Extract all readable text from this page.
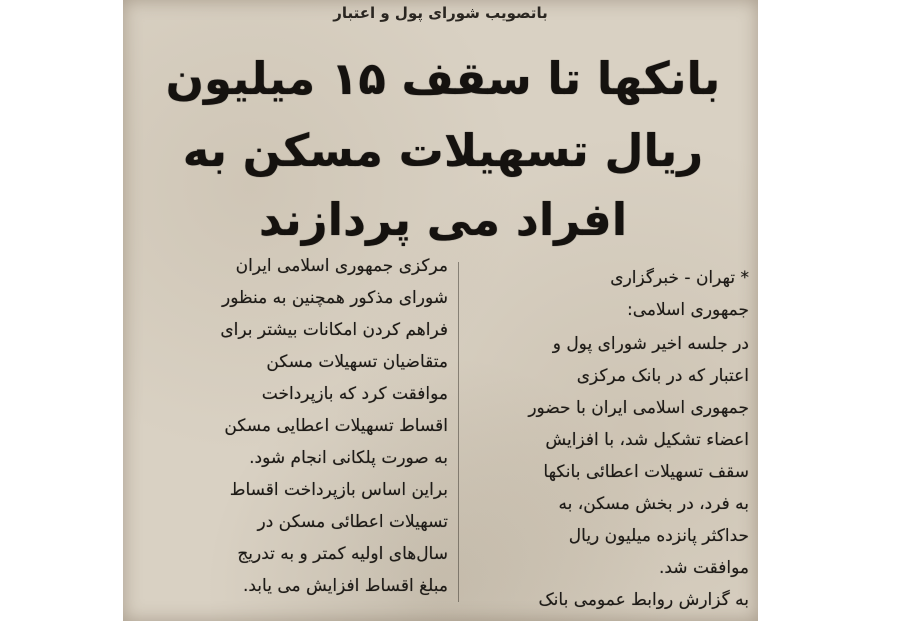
باتصویب شورای پول و اعتبار
بانکها تا سقف ۱۵ میلیون
ریال تسهیلات مسکن به
افراد می پردازند

* تهران - خبرگزاری

جمهوری اسلامی:

در جلسه اخیر شورای پول و

اعتبار که در بانک مرکزی

جمهوری اسلامی ایران با حضور

اعضاء تشکیل شد، با افزایش

سقف تسهیلات اعطائی بانکها

به فرد، در بخش مسکن، به

حداکثر پانزده میلیون ریال

موافقت شد.

به گزارش روابط عمومی بانک

مرکزی جمهوری اسلامی ایران

شورای مذکور همچنین به منظور

فراهم کردن امکانات بیشتر برای

متقاضیان تسهیلات مسکن

موافقت کرد که بازپرداخت

اقساط تسهیلات اعطایی مسکن

به صورت پلکانی انجام شود.

براین اساس بازپرداخت اقساط

تسهیلات اعطائی مسکن در

سال‌های اولیه کمتر و به تدریج

مبلغ اقساط افزایش می یابد.
